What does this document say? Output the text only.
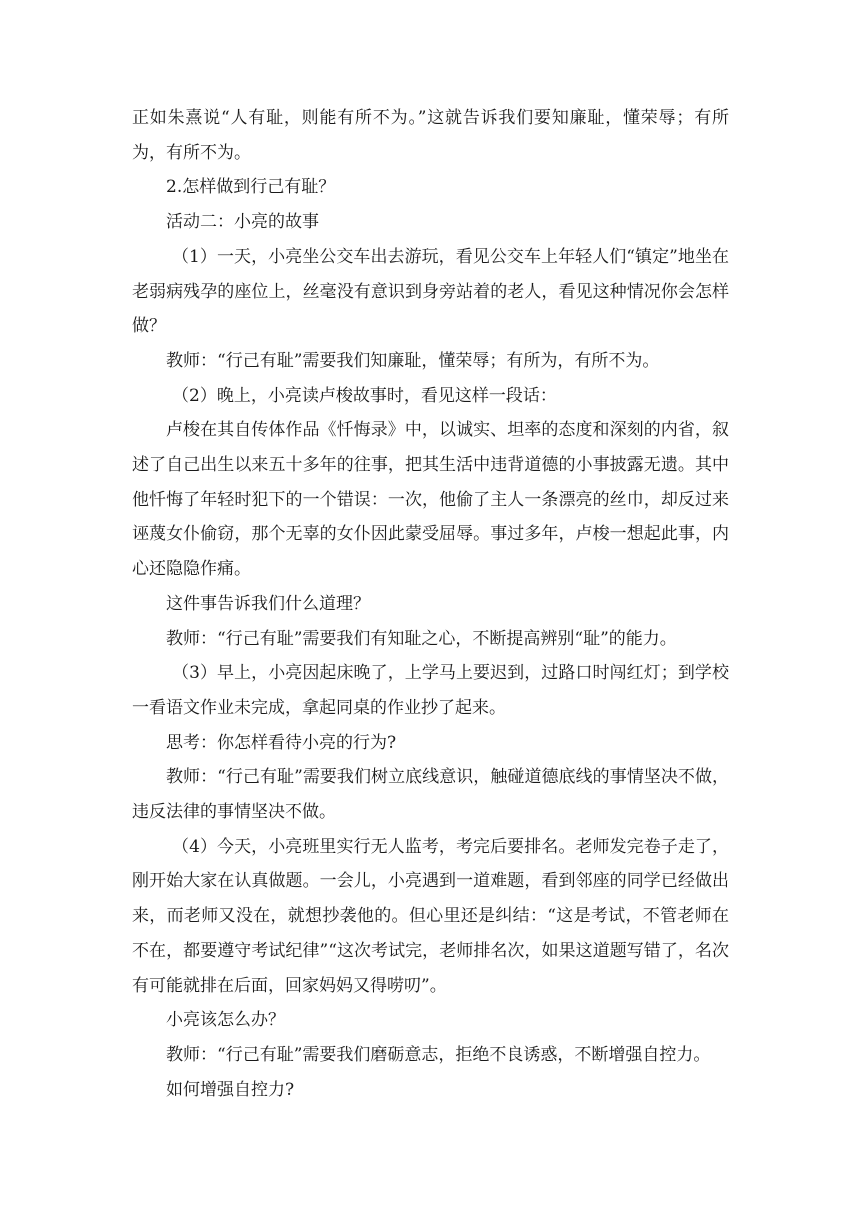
正如朱熹说“人有耻，则能有所不为。”这就告诉我们要知廉耻，懂荣辱；有所为，有所不为。

2.怎样做到行己有耻？

活动二：小亮的故事

（1）一天，小亮坐公交车出去游玩，看见公交车上年轻人们“镇定”地坐在老弱病残孕的座位上，丝毫没有意识到身旁站着的老人，看见这种情况你会怎样做？

教师：“行己有耻”需要我们知廉耻，懂荣辱；有所为，有所不为。

（2）晚上，小亮读卢梭故事时，看见这样一段话：

卢梭在其自传体作品《忏悔录》中，以诚实、坦率的态度和深刻的内省，叙述了自己出生以来五十多年的往事，把其生活中违背道德的小事披露无遗。其中他忏悔了年轻时犯下的一个错误：一次，他偷了主人一条漂亮的丝巾，却反过来诬蔑女仆偷窃，那个无辜的女仆因此蒙受屈辱。事过多年，卢梭一想起此事，内心还隐隐作痛。

这件事告诉我们什么道理？

教师：“行己有耻”需要我们有知耻之心，不断提高辨别“耻”的能力。

（3）早上，小亮因起床晚了，上学马上要迟到，过路口时闯红灯；到学校一看语文作业未完成，拿起同桌的作业抄了起来。

思考：你怎样看待小亮的行为?

教师：“行己有耻”需要我们树立底线意识，触碰道德底线的事情坚决不做，违反法律的事情坚决不做。

（4）今天，小亮班里实行无人监考，考完后要排名。老师发完卷子走了，刚开始大家在认真做题。一会儿，小亮遇到一道难题，看到邻座的同学已经做出来，而老师又没在，就想抄袭他的。但心里还是纠结：“这是考试，不管老师在不在，都要遵守考试纪律”“这次考试完，老师排名次，如果这道题写错了，名次有可能就排在后面，回家妈妈又得唠叨”。

小亮该怎么办？

教师：“行己有耻”需要我们磨砺意志，拒绝不良诱惑，不断增强自控力。

如何增强自控力?
